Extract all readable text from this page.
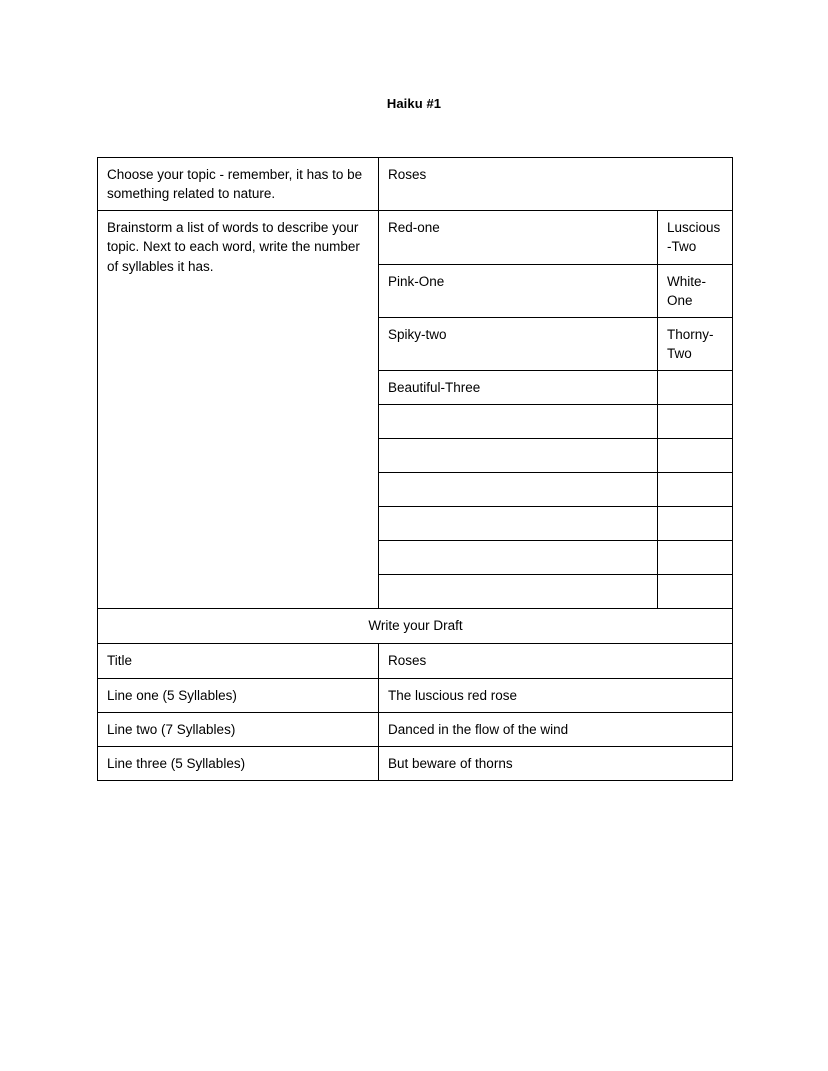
Haiku #1
Choose your topic - remember, it has to be something related to nature.	Roses	
Brainstorm a list of words to describe your topic. Next to each word, write the number of syllables it has.	Red-one	Luscious-Two
	Pink-One	White-One
	Spiky-two	Thorny-Two
	Beautiful-Three	

Write your Draft		
Title	Roses	
Line one (5 Syllables)	The luscious red rose	
Line two (7 Syllables)	Danced in the flow of the wind	
Line three (5 Syllables)	But beware of thorns	
